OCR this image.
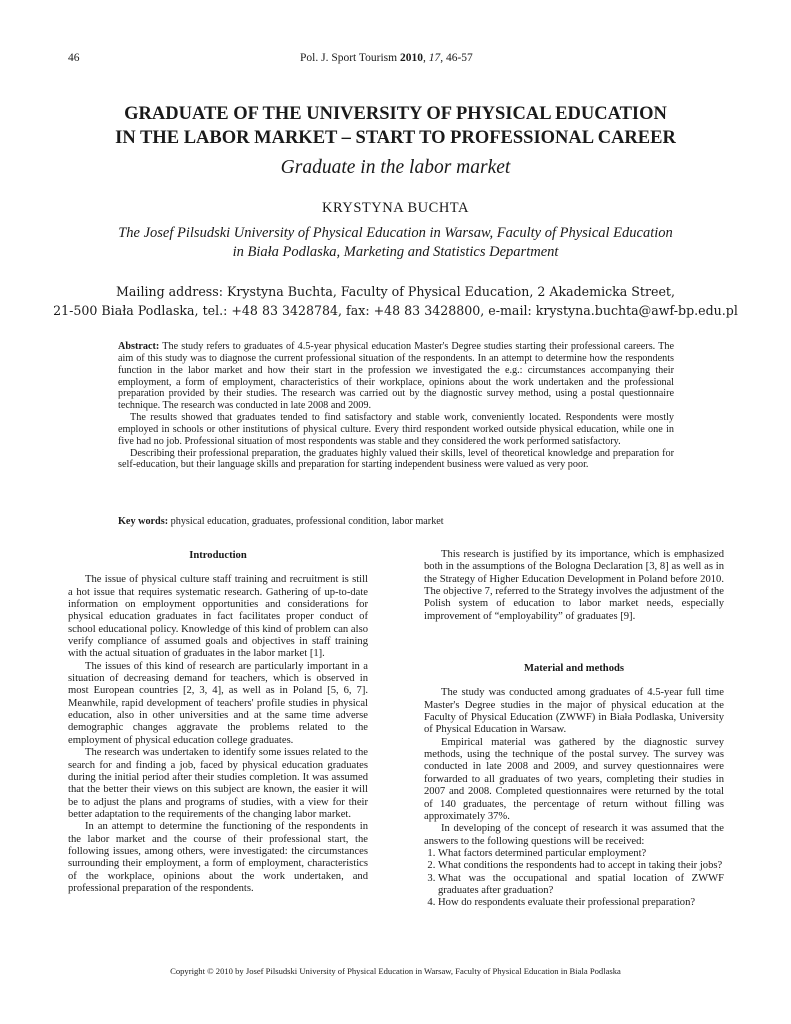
46	Pol. J. Sport Tourism 2010, 17, 46-57
GRADUATE OF THE UNIVERSITY OF PHYSICAL EDUCATION
IN THE LABOR MARKET – START TO PROFESSIONAL CAREER
Graduate in the labor market
KRYSTYNA BUCHTA
The Josef Pilsudski University of Physical Education in Warsaw, Faculty of Physical Education
in Biała Podlaska, Marketing and Statistics Department
Mailing address: Krystyna Buchta, Faculty of Physical Education, 2 Akademicka Street,
21-500 Biała Podlaska, tel.: +48 83 3428784, fax: +48 83 3428800, e-mail: krystyna.buchta@awf-bp.edu.pl

Abstract: The study refers to graduates of 4.5-year physical education Master's Degree studies starting their professional careers. The aim of this study was to diagnose the current professional situation of the respondents. In an attempt to determine how the respondents function in the labor market and how their start in the profession we investigated the e.g.: circumstances accompanying their employment, a form of employment, characteristics of their workplace, opinions about the work undertaken and the professional preparation provided by their studies. The research was carried out by the diagnostic survey method, using a postal questionnaire technique. The research was conducted in late 2008 and 2009.

The results showed that graduates tended to find satisfactory and stable work, conveniently located. Respondents were mostly employed in schools or other institutions of physical culture. Every third respondent worked outside physical education, while one in five had no job. Professional situation of most respondents was stable and they considered the work performed satisfactory.

Describing their professional preparation, the graduates highly valued their skills, level of theoretical knowledge and preparation for self-education, but their language skills and preparation for starting independent business were valued as very poor.

Key words: physical education, graduates, professional condition, labor market
Introduction

The issue of physical culture staff training and recruitment is still a hot issue that requires systematic research. Gathering of up-to-date information on employment opportunities and considerations for physical education graduates in fact facilitates proper conduct of school educational policy. Knowledge of this kind of problem can also verify compliance of assumed goals and objectives in staff training with the actual situation of graduates in the labor market [1].

The issues of this kind of research are particularly important in a situation of decreasing demand for teachers, which is observed in most European countries [2, 3, 4], as well as in Poland [5, 6, 7]. Meanwhile, rapid development of teachers' profile studies in physical education, also in other universities and at the same time adverse demographic changes aggravate the problems related to the employment of physical education college graduates.

The research was undertaken to identify some issues related to the search for and finding a job, faced by physical education graduates during the initial period after their studies completion. It was assumed that the better their views on this subject are known, the easier it will be to adjust the plans and programs of studies, with a view for their better adaptation to the requirements of the changing labor market.

In an attempt to determine the functioning of the respondents in the labor market and the course of their professional start, the following issues, among others, were investigated: the circumstances surrounding their employment, a form of employment, characteristics of the workplace, opinions about the work undertaken, and professional preparation of the respondents.

This research is justified by its importance, which is emphasized both in the assumptions of the Bologna Declaration [3, 8] as well as in the Strategy of Higher Education Development in Poland before 2010. The objective 7, referred to the Strategy involves the adjustment of the Polish system of education to labor market needs, especially improvement of “employability” of graduates [9].

Material and methods

The study was conducted among graduates of 4.5-year full time Master's Degree studies in the major of physical education at the Faculty of Physical Education (ZWWF) in Biała Podlaska, University of Physical Education in Warsaw.

Empirical material was gathered by the diagnostic survey methods, using the technique of the postal survey. The survey was conducted in late 2008 and 2009, and survey questionnaires were forwarded to all graduates of two years, completing their studies in 2007 and 2008. Completed questionnaires were returned by the total of 140 graduates, the percentage of return without filling was approximately 37%.

In developing of the concept of research it was assumed that the answers to the following questions will be received:

1. What factors determined particular employment?
2. What conditions the respondents had to accept in taking their jobs?
3. What was the occupational and spatial location of ZWWF graduates after graduation?
4. How do respondents evaluate their professional preparation?
Copyright © 2010 by Josef Pilsudski University of Physical Education in Warsaw, Faculty of Physical Education in Biala Podlaska
